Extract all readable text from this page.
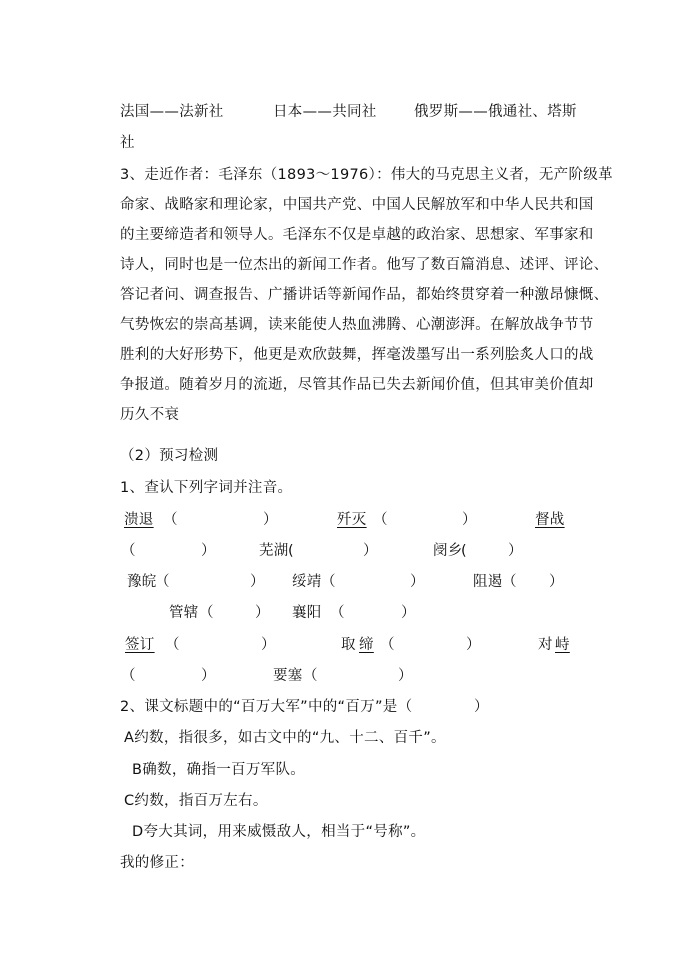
法国——法新社	日本——共同社	俄罗斯——俄通社、塔斯
社
3、走近作者：毛泽东（1893～1976）：伟大的马克思主义者，无产阶级革
命家、战略家和理论家，中国共产党、中国人民解放军和中华人民共和国
的主要缔造者和领导人。毛泽东不仅是卓越的政治家、思想家、军事家和
诗人，同时也是一位杰出的新闻工作者。他写了数百篇消息、述评、评论、
答记者问、调查报告、广播讲话等新闻作品，都始终贯穿着一种激昂慷慨、
气势恢宏的崇高基调，读来能使人热血沸腾、心潮澎湃。在解放战争节节
胜利的大好形势下，他更是欢欣鼓舞，挥毫泼墨写出一系列脍炙人口的战
争报道。随着岁月的流逝，尽管其作品已失去新闻价值，但其审美价值却
历久不衰
（2）预习检测
1、查认下列字词并注音。
溃退 （	）	歼灭 （	）	督战
（	）	芜湖 (	）	阌乡
(	）
豫皖
（	） 绥靖 （	）	阻遏 （ ）
管辖 （	） 襄阳 （	）
签订 （	）	取 缔 （	）	对 峙
（	）	要塞 （	）
2、课文标题中的“百万大军”中的“百万”是（	）
A约数，指很多，如古文中的“九、十二、百千”。
B确数，确指一百万军队。
C约数，指百万左右。
D夸大其词，用来威慑敌人，相当于“号称”。
我的修正：
